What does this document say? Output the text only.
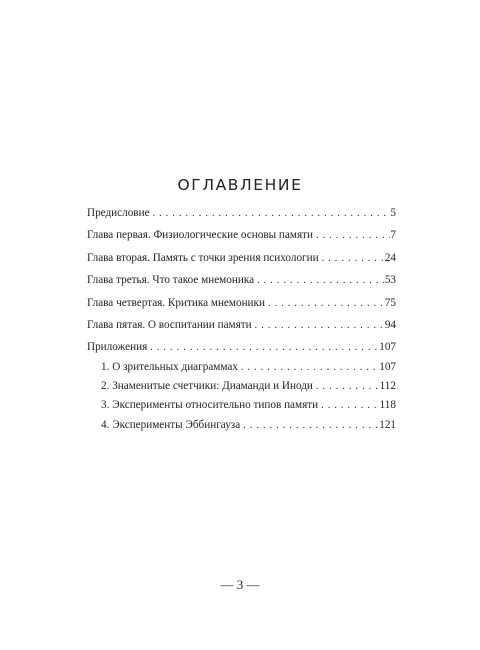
ОГЛАВЛЕНИЕ
Предисловие . . .	5
Глава первая. Физиологические основы памяти . . .	7
Глава вторая. Память с точки зрения психологии . . .	24
Глава третья. Что такое мнемоника . . .	53
Глава четвертая. Критика мнемоники . . .	75
Глава пятая. О воспитании памяти . . .	94
Приложения . . .	107
1. О зрительных диаграммах . . .	107
2. Знаменитые счетчики: Диаманди и Иноди . . .	112
3. Эксперименты относительно типов памяти . . .	118
4. Эксперименты Эббингауза . . .	121
— 3 —
